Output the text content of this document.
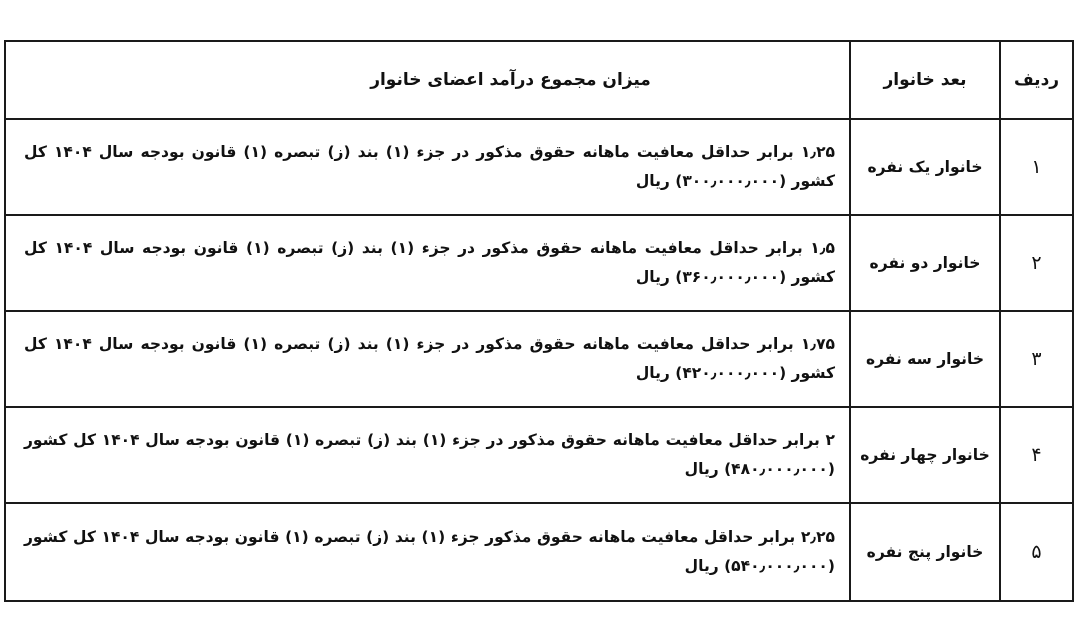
ردیف
بعد خانوار
میزان مجموع درآمد اعضای خانوار
۱
خانوار یک نفره
۱٫۲۵ برابر حداقل معافیت ماهانه حقوق مذکور در جزء (۱) بند (ز) تبصره (۱) قانون بودجه سال ۱۴۰۴ کل کشور (۳۰۰٫۰۰۰٫۰۰۰) ریال
۲
خانوار دو نفره
۱٫۵ برابر حداقل معافیت ماهانه حقوق مذکور در جزء (۱) بند (ز) تبصره (۱) قانون بودجه سال ۱۴۰۴ کل کشور (۳۶۰٫۰۰۰٫۰۰۰) ریال
۳
خانوار سه نفره
۱٫۷۵ برابر حداقل معافیت ماهانه حقوق مذکور در جزء (۱) بند (ز) تبصره (۱) قانون بودجه سال ۱۴۰۴ کل کشور (۴۲۰٫۰۰۰٫۰۰۰) ریال
۴
خانوار چهار نفره
۲ برابر حداقل معافیت ماهانه حقوق مذکور در جزء (۱) بند (ز) تبصره (۱) قانون بودجه سال ۱۴۰۴ کل کشور (۴۸۰٫۰۰۰٫۰۰۰) ریال
۵
خانوار پنج نفره
۲٫۲۵ برابر حداقل معافیت ماهانه حقوق مذکور جزء (۱) بند (ز) تبصره (۱) قانون بودجه سال ۱۴۰۴ کل کشور (۵۴۰٫۰۰۰٫۰۰۰) ریال
